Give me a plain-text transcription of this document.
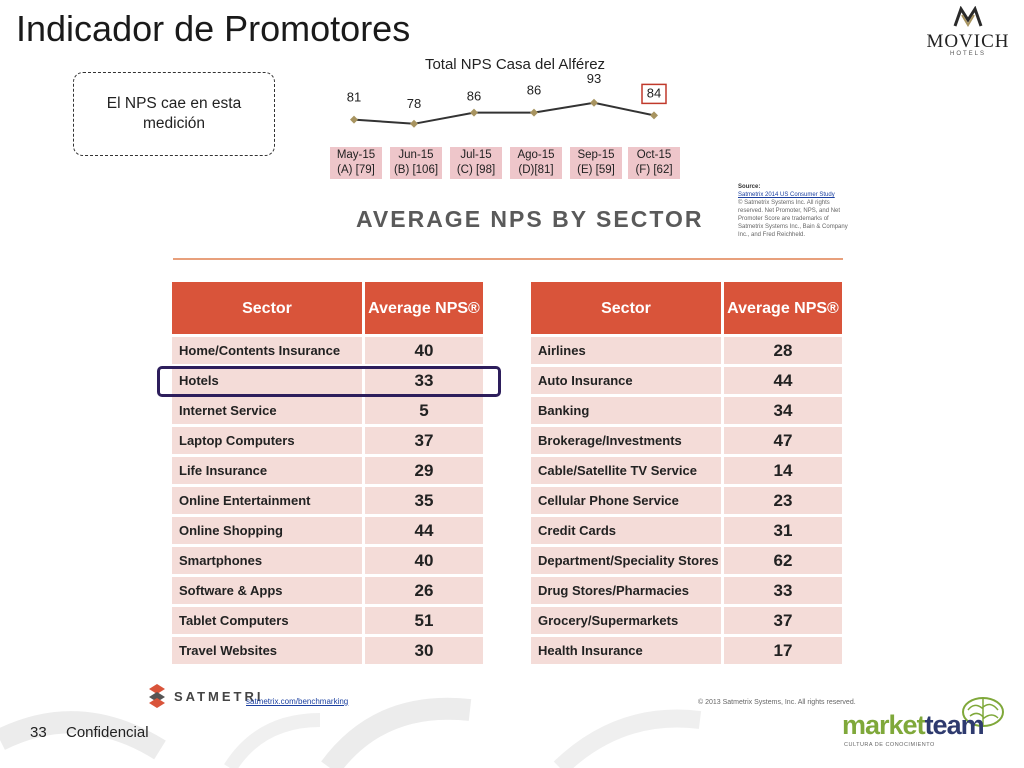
Indicador de Promotores	MOVICH
HOTELS
El NPS cae en esta medición
Total NPS Casa del Alférez
81	78	86	86
93
84
May-15
(A) [79]
Jun-15
(B) [106]
Jul-15
(C) [98]
Ago-15
(D)[81]
Sep-15
(E) [59]
Oct-15
(F) [62]
AVERAGE NPS BY SECTOR
Source:
Satmetrix 2014 US Consumer Study
© Satmetrix Systems Inc. All rights reserved. Net Promoter, NPS, and Net Promoter Score are trademarks of Satmetrix Systems Inc., Bain & Company Inc., and Fred Reichheld.
Sector	Average NPS®
Home/Contents Insurance	40
Hotels	33
Internet Service	5
Laptop Computers	37
Life Insurance	29
Online Entertainment	35
Online Shopping	44
Smartphones	40
Software & Apps	26
Tablet Computers	51
Travel Websites	30
Sector	Average NPS®
Airlines	28
Auto Insurance	44
Banking	34
Brokerage/Investments	47
Cable/Satellite TV Service	14
Cellular Phone Service	23
Credit Cards	31
Department/Speciality Stores	62
Drug Stores/Pharmacies	33
Grocery/Supermarkets	37
Health Insurance	17
SATMETRI
satmetrix.com/benchmarking	© 2013 Satmetrix Systems, Inc. All rights reserved.
33 Confidencial	marketteam
CULTURA DE CONOCIMIENTO
